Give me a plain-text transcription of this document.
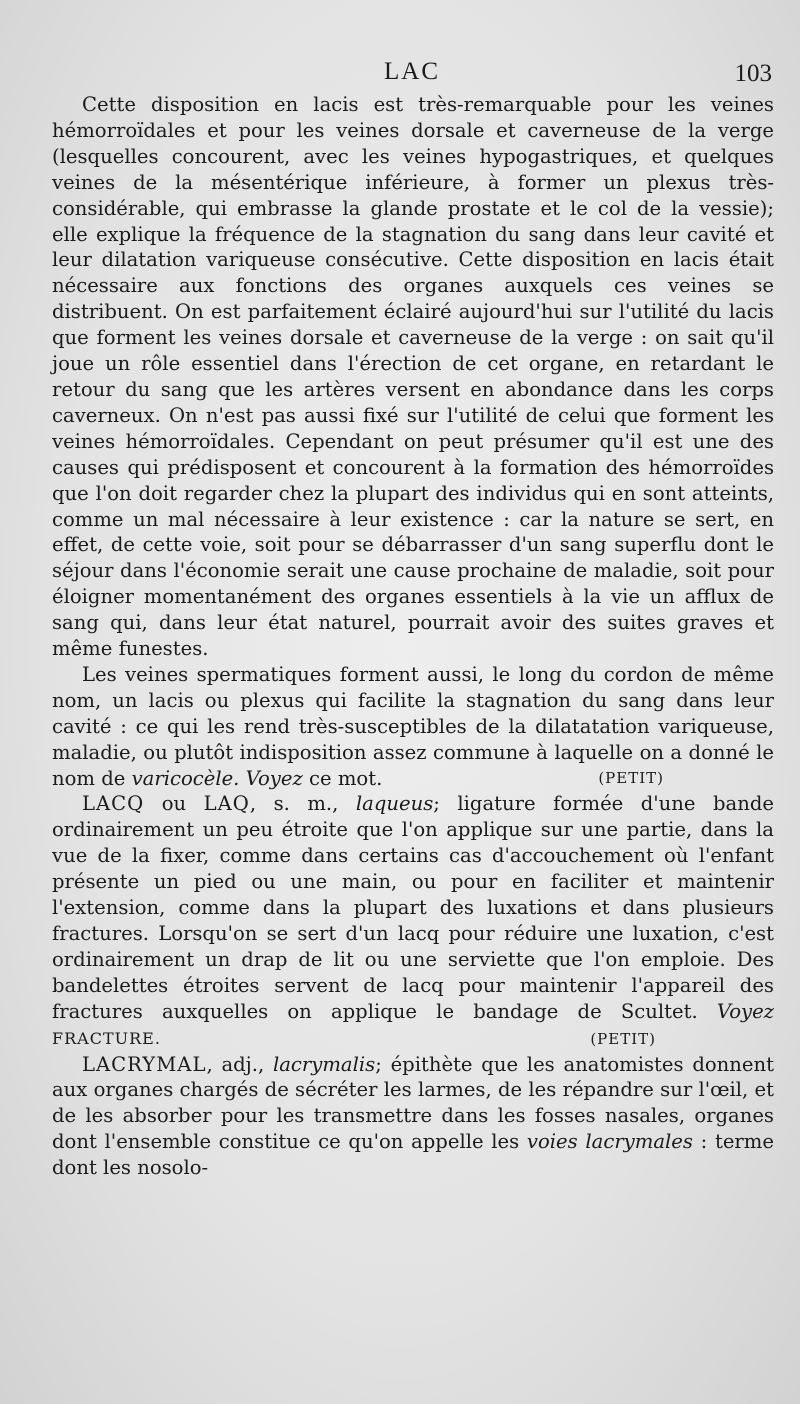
LAC	103

Cette disposition en lacis est très-remarquable pour les veines hémorroïdales et pour les veines dorsale et caverneuse de la verge (lesquelles concourent, avec les veines hypogastriques, et quelques veines de la mésentérique inférieure, à former un plexus très-considérable, qui embrasse la glande prostate et le col de la vessie); elle explique la fréquence de la stagnation du sang dans leur cavité et leur dilatation variqueuse consécutive. Cette disposition en lacis était nécessaire aux fonctions des organes auxquels ces veines se distribuent. On est parfaitement éclairé aujourd'hui sur l'utilité du lacis que forment les veines dorsale et caverneuse de la verge : on sait qu'il joue un rôle essentiel dans l'érection de cet organe, en retardant le retour du sang que les artères versent en abondance dans les corps caverneux. On n'est pas aussi fixé sur l'utilité de celui que forment les veines hémorroïdales. Cependant on peut présumer qu'il est une des causes qui prédisposent et concourent à la formation des hémorroïdes que l'on doit regarder chez la plupart des individus qui en sont atteints, comme un mal nécessaire à leur existence : car la nature se sert, en effet, de cette voie, soit pour se débarrasser d'un sang superflu dont le séjour dans l'économie serait une cause prochaine de maladie, soit pour éloigner momentanément des organes essentiels à la vie un afflux de sang qui, dans leur état naturel, pourrait avoir des suites graves et même funestes.

Les veines spermatiques forment aussi, le long du cordon de même nom, un lacis ou plexus qui facilite la stagnation du sang dans leur cavité : ce qui les rend très-susceptibles de la dilatatation variqueuse, maladie, ou plutôt indisposition assez commune à laquelle on a donné le nom de varicocèle. Voyez ce mot.	(PETIT)

LACQ ou LAQ, s. m., laqueus; ligature formée d'une bande ordinairement un peu étroite que l'on applique sur une partie, dans la vue de la fixer, comme dans certains cas d'accouchement où l'enfant présente un pied ou une main, ou pour en faciliter et maintenir l'extension, comme dans la plupart des luxations et dans plusieurs fractures. Lorsqu'on se sert d'un lacq pour réduire une luxation, c'est ordinairement un drap de lit ou une serviette que l'on emploie. Des bandelettes étroites servent de lacq pour maintenir l'appareil des fractures auxquelles on applique le bandage de Scultet. Voyez FRACTURE.	(PETIT)

LACRYMAL, adj., lacrymalis; épithète que les anatomistes donnent aux organes chargés de sécréter les larmes, de les répandre sur l'œil, et de les absorber pour les transmettre dans les fosses nasales, organes dont l'ensemble constitue ce qu'on appelle les voies lacrymales : terme dont les nosolo-
